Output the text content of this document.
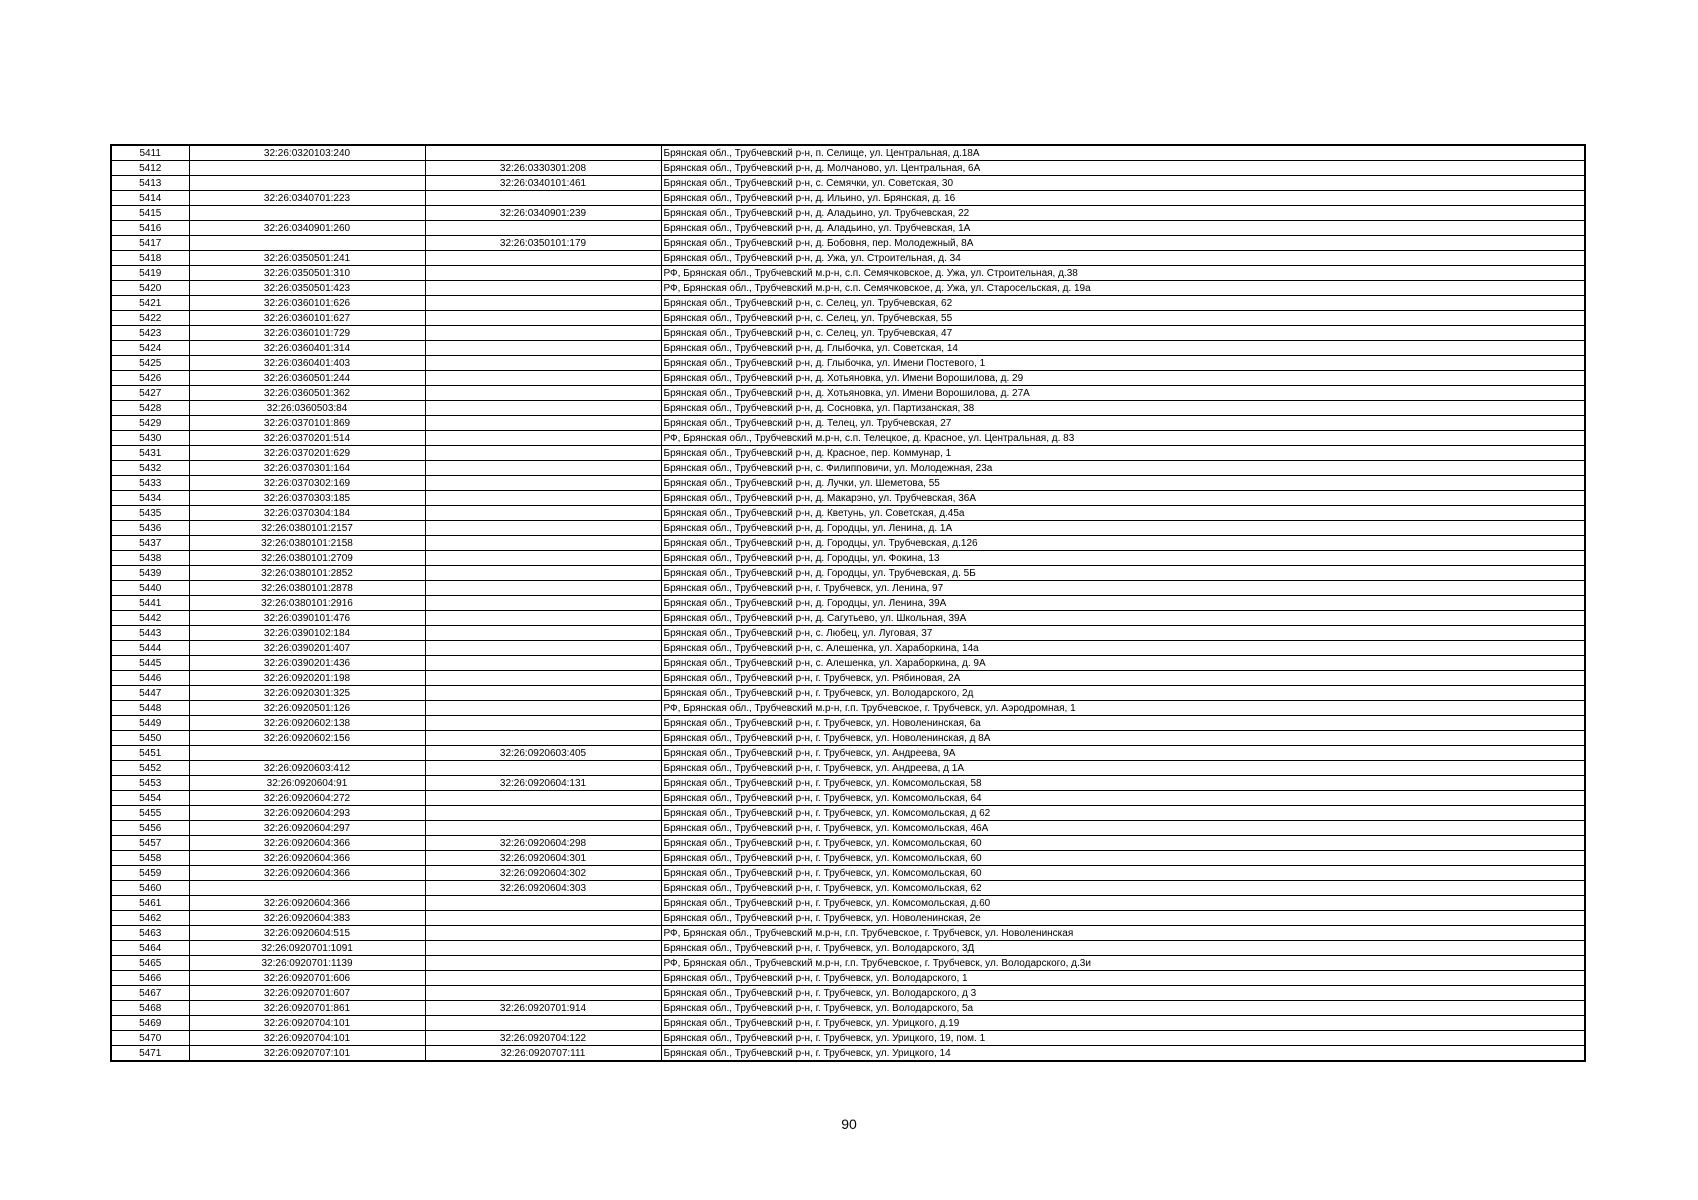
5411	32:26:0320103:240		Брянская обл., Трубчевский р-н, п. Селище, ул. Центральная, д.18А
5412		32:26:0330301:208	Брянская обл., Трубчевский р-н, д. Молчаново, ул. Центральная, 6А
5413		32:26:0340101:461	Брянская обл., Трубчевский р-н, с. Семячки, ул. Советская, 30
5414	32:26:0340701:223		Брянская обл., Трубчевский р-н, д. Ильино, ул. Брянская, д. 16
5415		32:26:0340901:239	Брянская обл., Трубчевский р-н, д. Аладьино, ул. Трубчевская, 22
5416	32:26:0340901:260		Брянская обл., Трубчевский р-н, д. Аладьино, ул. Трубчевская, 1А
5417		32:26:0350101:179	Брянская обл., Трубчевский р-н, д. Бобовня, пер. Молодежный, 8А
5418	32:26:0350501:241		Брянская обл., Трубчевский р-н, д. Ужа, ул. Строительная, д. 34
5419	32:26:0350501:310		РФ, Брянская обл., Трубчевский м.р-н, с.п. Семячковское, д. Ужа, ул. Строительная, д.38
5420	32:26:0350501:423		РФ, Брянская обл., Трубчевский м.р-н, с.п. Семячковское, д. Ужа, ул. Старосельская, д. 19а
5421	32:26:0360101:626		Брянская обл., Трубчевский р-н, с. Селец, ул. Трубчевская, 62
5422	32:26:0360101:627		Брянская обл., Трубчевский р-н, с. Селец, ул. Трубчевская, 55
5423	32:26:0360101:729		Брянская обл., Трубчевский р-н, с. Селец, ул. Трубчевская, 47
5424	32:26:0360401:314		Брянская обл., Трубчевский р-н, д. Глыбочка, ул. Советская, 14
5425	32:26:0360401:403		Брянская обл., Трубчевский р-н, д. Глыбочка, ул. Имени Постевого, 1
5426	32:26:0360501:244		Брянская обл., Трубчевский р-н, д. Хотьяновка, ул. Имени Ворошилова, д. 29
5427	32:26:0360501:362		Брянская обл., Трубчевский р-н, д. Хотьяновка, ул. Имени Ворошилова, д. 27А
5428	32:26:0360503:84		Брянская обл., Трубчевский р-н, д. Сосновка, ул. Партизанская, 38
5429	32:26:0370101:869		Брянская обл., Трубчевский р-н, д. Телец, ул. Трубчевская, 27
5430	32:26:0370201:514		РФ, Брянская обл., Трубчевский м.р-н, с.п. Телецкое, д. Красное, ул. Центральная, д. 83
5431	32:26:0370201:629		Брянская обл., Трубчевский р-н, д. Красное, пер. Коммунар, 1
5432	32:26:0370301:164		Брянская обл., Трубчевский р-н, с. Филипповичи, ул. Молодежная, 23а
5433	32:26:0370302:169		Брянская обл., Трубчевский р-н, д. Лучки, ул. Шеметова, 55
5434	32:26:0370303:185		Брянская обл., Трубчевский р-н, д. Макарэно, ул. Трубчевская, 36А
5435	32:26:0370304:184		Брянская обл., Трубчевский р-н, д. Кветунь, ул. Советская, д.45а
5436	32:26:0380101:2157		Брянская обл., Трубчевский р-н, д. Городцы, ул. Ленина, д. 1А
5437	32:26:0380101:2158		Брянская обл., Трубчевский р-н, д. Городцы, ул. Трубчевская, д.126
5438	32:26:0380101:2709		Брянская обл., Трубчевский р-н, д. Городцы, ул. Фокина, 13
5439	32:26:0380101:2852		Брянская обл., Трубчевский р-н, д. Городцы, ул. Трубчевская, д. 5Б
5440	32:26:0380101:2878		Брянская обл., Трубчевский р-н, г. Трубчевск, ул. Ленина, 97
5441	32:26:0380101:2916		Брянская обл., Трубчевский р-н, д. Городцы, ул. Ленина, 39А
5442	32:26:0390101:476		Брянская обл., Трубчевский р-н, д. Сагутьево, ул. Школьная, 39А
5443	32:26:0390102:184		Брянская обл., Трубчевский р-н, с. Любец, ул. Луговая, 37
5444	32:26:0390201:407		Брянская обл., Трубчевский р-н, с. Алешенка, ул. Хараборкина, 14а
5445	32:26:0390201:436		Брянская обл., Трубчевский р-н, с. Алешенка, ул. Хараборкина, д. 9А
5446	32:26:0920201:198		Брянская обл., Трубчевский р-н, г. Трубчевск, ул. Рябиновая, 2А
5447	32:26:0920301:325		Брянская обл., Трубчевский р-н, г. Трубчевск, ул. Володарского, 2д
5448	32:26:0920501:126		РФ, Брянская обл., Трубчевский м.р-н, г.п. Трубчевское, г. Трубчевск, ул. Аэродромная, 1
5449	32:26:0920602:138		Брянская обл., Трубчевский р-н, г. Трубчевск, ул. Новоленинская, 6а
5450	32:26:0920602:156		Брянская обл., Трубчевский р-н, г. Трубчевск, ул. Новоленинская, д 8А
5451		32:26:0920603:405	Брянская обл., Трубчевский р-н, г. Трубчевск, ул. Андреева, 9А
5452	32:26:0920603:412		Брянская обл., Трубчевский р-н, г. Трубчевск, ул. Андреева, д 1А
5453	32:26:0920604:91	32:26:0920604:131	Брянская обл., Трубчевский р-н, г. Трубчевск, ул. Комсомольская, 58
5454	32:26:0920604:272		Брянская обл., Трубчевский р-н, г. Трубчевск, ул. Комсомольская, 64
5455	32:26:0920604:293		Брянская обл., Трубчевский р-н, г. Трубчевск, ул. Комсомольская, д 62
5456	32:26:0920604:297		Брянская обл., Трубчевский р-н, г. Трубчевск, ул. Комсомольская, 46А
5457	32:26:0920604:366	32:26:0920604:298	Брянская обл., Трубчевский р-н, г. Трубчевск, ул. Комсомольская, 60
5458	32:26:0920604:366	32:26:0920604:301	Брянская обл., Трубчевский р-н, г. Трубчевск, ул. Комсомольская, 60
5459	32:26:0920604:366	32:26:0920604:302	Брянская обл., Трубчевский р-н, г. Трубчевск, ул. Комсомольская, 60
5460		32:26:0920604:303	Брянская обл., Трубчевский р-н, г. Трубчевск, ул. Комсомольская, 62
5461	32:26:0920604:366		Брянская обл., Трубчевский р-н, г. Трубчевск, ул. Комсомольская, д.60
5462	32:26:0920604:383		Брянская обл., Трубчевский р-н, г. Трубчевск, ул. Новоленинская, 2е
5463	32:26:0920604:515		РФ, Брянская обл., Трубчевский м.р-н, г.п. Трубчевское, г. Трубчевск, ул. Новоленинская
5464	32:26:0920701:1091		Брянская обл., Трубчевский р-н, г. Трубчевск, ул. Володарского, 3Д
5465	32:26:0920701:1139		РФ, Брянская обл., Трубчевский м.р-н, г.п. Трубчевское, г. Трубчевск, ул. Володарского, д.3и
5466	32:26:0920701:606		Брянская обл., Трубчевский р-н, г. Трубчевск, ул. Володарского, 1
5467	32:26:0920701:607		Брянская обл., Трубчевский р-н, г. Трубчевск, ул. Володарского, д 3
5468	32:26:0920701:861	32:26:0920701:914	Брянская обл., Трубчевский р-н, г. Трубчевск, ул. Володарского, 5а
5469	32:26:0920704:101		Брянская обл., Трубчевский р-н, г. Трубчевск, ул. Урицкого, д.19
5470	32:26:0920704:101	32:26:0920704:122	Брянская обл., Трубчевский р-н, г. Трубчевск, ул. Урицкого, 19, пом. 1
5471	32:26:0920707:101	32:26:0920707:111	Брянская обл., Трубчевский р-н, г. Трубчевск, ул. Урицкого, 14
90
